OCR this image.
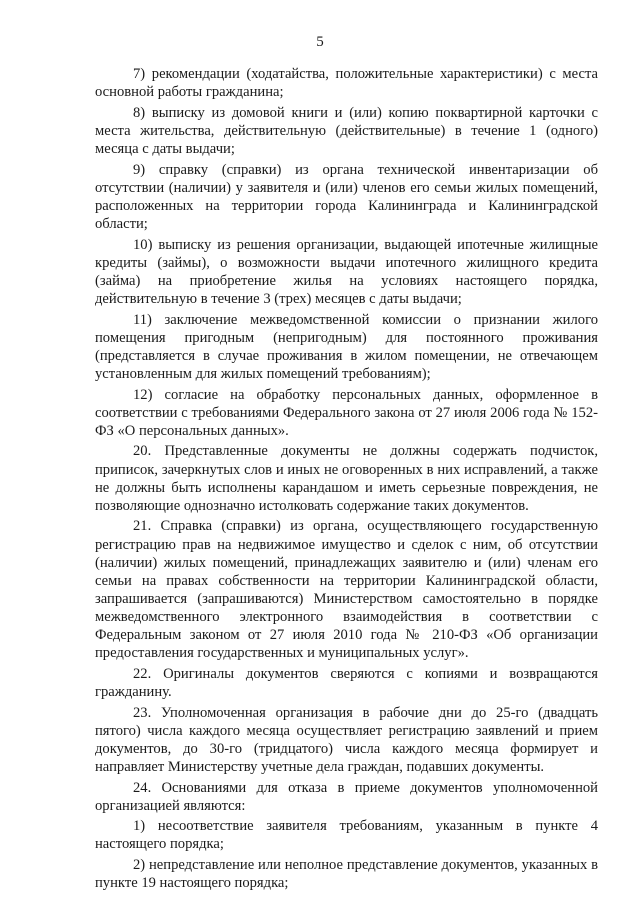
5

7) рекомендации (ходатайства, положительные характеристики) с места основной работы гражданина;

8) выписку из домовой книги и (или) копию поквартирной карточки с места жительства, действительную (действительные) в течение 1 (одного) месяца с даты выдачи;

9) справку (справки) из органа технической инвентаризации об отсутствии (наличии) у заявителя и (или) членов его семьи жилых помещений, расположенных на территории города Калининграда и Калининградской области;

10) выписку из решения организации, выдающей ипотечные жилищные кредиты (займы), о возможности выдачи ипотечного жилищного кредита (займа) на приобретение жилья на условиях настоящего порядка, действительную в течение 3 (трех) месяцев с даты выдачи;

11) заключение межведомственной комиссии о признании жилого помещения пригодным (непригодным) для постоянного проживания (представляется в случае проживания в жилом помещении, не отвечающем установленным для жилых помещений требованиям);

12) согласие на обработку персональных данных, оформленное в соответствии с требованиями Федерального закона от 27 июля 2006 года № 152-ФЗ «О персональных данных».

20. Представленные документы не должны содержать подчисток, приписок, зачеркнутых слов и иных не оговоренных в них исправлений, а также не должны быть исполнены карандашом и иметь серьезные повреждения, не позволяющие однозначно истолковать содержание таких документов.

21. Справка (справки) из органа, осуществляющего государственную регистрацию прав на недвижимое имущество и сделок с ним, об отсутствии (наличии) жилых помещений, принадлежащих заявителю и (или) членам его семьи на правах собственности на территории Калининградской области, запрашивается (запрашиваются) Министерством самостоятельно в порядке межведомственного электронного взаимодействия в соответствии с Федеральным законом от 27 июля 2010 года № 210-ФЗ «Об организации предоставления государственных и муниципальных услуг».

22. Оригиналы документов сверяются с копиями и возвращаются гражданину.

23. Уполномоченная организация в рабочие дни до 25-го (двадцать пятого) числа каждого месяца осуществляет регистрацию заявлений и прием документов, до 30-го (тридцатого) числа каждого месяца формирует и направляет Министерству учетные дела граждан, подавших документы.

24. Основаниями для отказа в приеме документов уполномоченной организацией являются:

1) несоответствие заявителя требованиям, указанным в пункте 4 настоящего порядка;

2) непредставление или неполное представление документов, указанных в пункте 19 настоящего порядка;
